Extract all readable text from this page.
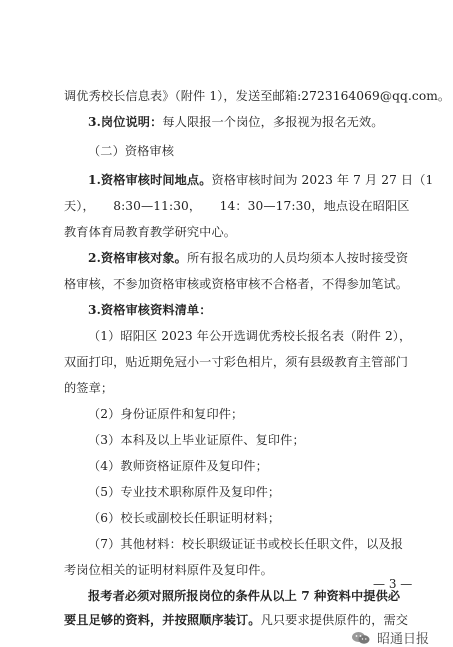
调优秀校长信息表》（附件 1），发送至邮箱:2723164069@qq.com。
3.岗位说明：每人限报一个岗位，多报视为报名无效。
（二）资格审核
1.资格审核时间地点。资格审核时间为 2023 年 7 月 27 日（1
天），　　8:30—11:30，　　14：30—17:30，地点设在昭阳区
教育体育局教育教学研究中心。
2.资格审核对象。所有报名成功的人员均须本人按时接受资
格审核，不参加资格审核或资格审核不合格者，不得参加笔试。
3.资格审核资料清单：
（1）昭阳区 2023 年公开选调优秀校长报名表（附件 2），
双面打印，贴近期免冠小一寸彩色相片，须有县级教育主管部门
的签章；
（2）身份证原件和复印件；
（3）本科及以上毕业证原件、复印件；
（4）教师资格证原件及复印件；
（5）专业技术职称原件及复印件；
（6）校长或副校长任职证明材料；
（7）其他材料：校长职级证证书或校长任职文件，以及报
考岗位相关的证明材料原件及复印件。
报考者必须对照所报岗位的条件从以上 7 种资料中提供必
要且足够的资料，并按照顺序装订。凡只要求提供原件的，需交
— 3 —
昭通日报
